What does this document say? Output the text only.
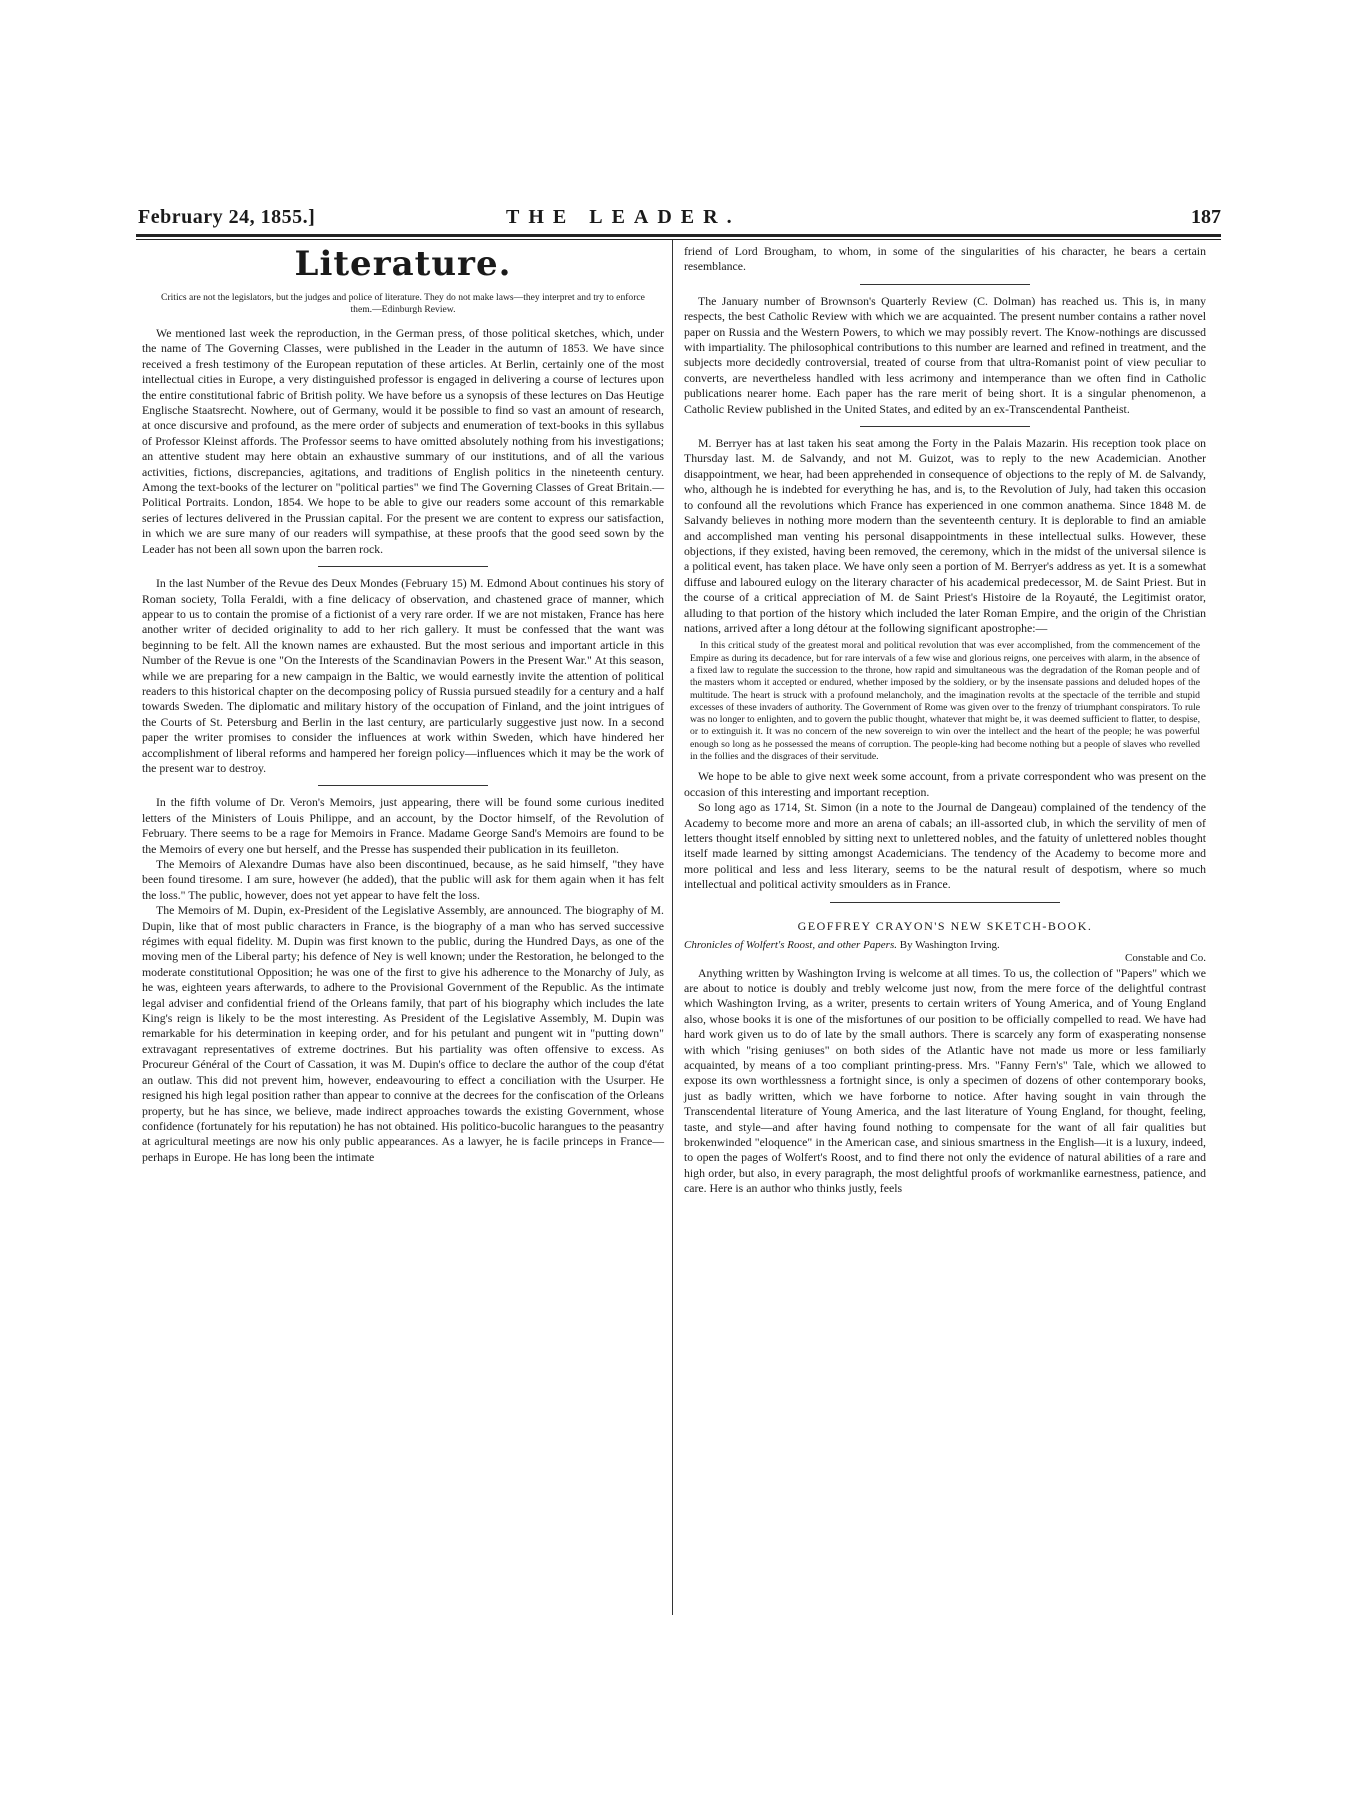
February 24, 1855.]	THE LEADER.	187
Literature.
Critics are not the legislators, but the judges and police of literature. They do not make laws—they interpret and try to enforce them.—Edinburgh Review.

We mentioned last week the reproduction, in the German press, of those political sketches, which, under the name of The Governing Classes, were published in the Leader in the autumn of 1853. We have since received a fresh testimony of the European reputation of these articles. At Berlin, certainly one of the most intellectual cities in Europe, a very distinguished professor is engaged in delivering a course of lectures upon the entire constitutional fabric of British polity. We have before us a synopsis of these lectures on Das Heutige Englische Staatsrecht. Nowhere, out of Germany, would it be possible to find so vast an amount of research, at once discursive and profound, as the mere order of subjects and enumeration of text-books in this syllabus of Professor Kleinst affords. The Professor seems to have omitted absolutely nothing from his investigations; an attentive student may here obtain an exhaustive summary of our institutions, and of all the various activities, fictions, discrepancies, agitations, and traditions of English politics in the nineteenth century. Among the text-books of the lecturer on "political parties" we find The Governing Classes of Great Britain.—Political Portraits. London, 1854. We hope to be able to give our readers some account of this remarkable series of lectures delivered in the Prussian capital. For the present we are content to express our satisfaction, in which we are sure many of our readers will sympathise, at these proofs that the good seed sown by the Leader has not been all sown upon the barren rock.

In the last Number of the Revue des Deux Mondes (February 15) M. Edmond About continues his story of Roman society, Tolla Feraldi, with a fine delicacy of observation, and chastened grace of manner, which appear to us to contain the promise of a fictionist of a very rare order. If we are not mistaken, France has here another writer of decided originality to add to her rich gallery. It must be confessed that the want was beginning to be felt. All the known names are exhausted. But the most serious and important article in this Number of the Revue is one "On the Interests of the Scandinavian Powers in the Present War." At this season, while we are preparing for a new campaign in the Baltic, we would earnestly invite the attention of political readers to this historical chapter on the decomposing policy of Russia pursued steadily for a century and a half towards Sweden. The diplomatic and military history of the occupation of Finland, and the joint intrigues of the Courts of St. Petersburg and Berlin in the last century, are particularly suggestive just now. In a second paper the writer promises to consider the influences at work within Sweden, which have hindered her accomplishment of liberal reforms and hampered her foreign policy—influences which it may be the work of the present war to destroy.

In the fifth volume of Dr. Veron's Memoirs, just appearing, there will be found some curious inedited letters of the Ministers of Louis Philippe, and an account, by the Doctor himself, of the Revolution of February. There seems to be a rage for Memoirs in France. Madame George Sand's Memoirs are found to be the Memoirs of every one but herself, and the Presse has suspended their publication in its feuilleton.

The Memoirs of Alexandre Dumas have also been discontinued, because, as he said himself, "they have been found tiresome. I am sure, however (he added), that the public will ask for them again when it has felt the loss." The public, however, does not yet appear to have felt the loss.

The Memoirs of M. Dupin, ex-President of the Legislative Assembly, are announced. The biography of M. Dupin, like that of most public characters in France, is the biography of a man who has served successive régimes with equal fidelity. M. Dupin was first known to the public, during the Hundred Days, as one of the moving men of the Liberal party; his defence of Ney is well known; under the Restoration, he belonged to the moderate constitutional Opposition; he was one of the first to give his adherence to the Monarchy of July, as he was, eighteen years afterwards, to adhere to the Provisional Government of the Republic. As the intimate legal adviser and confidential friend of the Orleans family, that part of his biography which includes the late King's reign is likely to be the most interesting. As President of the Legislative Assembly, M. Dupin was remarkable for his determination in keeping order, and for his petulant and pungent wit in "putting down" extravagant representatives of extreme doctrines. But his partiality was often offensive to excess. As Procureur Général of the Court of Cassation, it was M. Dupin's office to declare the author of the coup d'état an outlaw. This did not prevent him, however, endeavouring to effect a conciliation with the Usurper. He resigned his high legal position rather than appear to connive at the decrees for the confiscation of the Orleans property, but he has since, we believe, made indirect approaches towards the existing Government, whose confidence (fortunately for his reputation) he has not obtained. His politico-bucolic harangues to the peasantry at agricultural meetings are now his only public appearances. As a lawyer, he is facile princeps in France—perhaps in Europe. He has long been the intimate

friend of Lord Brougham, to whom, in some of the singularities of his character, he bears a certain resemblance.

The January number of Brownson's Quarterly Review (C. Dolman) has reached us. This is, in many respects, the best Catholic Review with which we are acquainted. The present number contains a rather novel paper on Russia and the Western Powers, to which we may possibly revert. The Know-nothings are discussed with impartiality. The philosophical contributions to this number are learned and refined in treatment, and the subjects more decidedly controversial, treated of course from that ultra-Romanist point of view peculiar to converts, are nevertheless handled with less acrimony and intemperance than we often find in Catholic publications nearer home. Each paper has the rare merit of being short. It is a singular phenomenon, a Catholic Review published in the United States, and edited by an ex-Transcendental Pantheist.

M. Berryer has at last taken his seat among the Forty in the Palais Mazarin. His reception took place on Thursday last. M. de Salvandy, and not M. Guizot, was to reply to the new Academician. Another disappointment, we hear, had been apprehended in consequence of objections to the reply of M. de Salvandy, who, although he is indebted for everything he has, and is, to the Revolution of July, had taken this occasion to confound all the revolutions which France has experienced in one common anathema. Since 1848 M. de Salvandy believes in nothing more modern than the seventeenth century. It is deplorable to find an amiable and accomplished man venting his personal disappointments in these intellectual sulks. However, these objections, if they existed, having been removed, the ceremony, which in the midst of the universal silence is a political event, has taken place. We have only seen a portion of M. Berryer's address as yet. It is a somewhat diffuse and laboured eulogy on the literary character of his academical predecessor, M. de Saint Priest. But in the course of a critical appreciation of M. de Saint Priest's Histoire de la Royauté, the Legitimist orator, alluding to that portion of the history which included the later Roman Empire, and the origin of the Christian nations, arrived after a long détour at the following significant apostrophe:—

In this critical study of the greatest moral and political revolution that was ever accomplished, from the commencement of the Empire as during its decadence, but for rare intervals of a few wise and glorious reigns, one perceives with alarm, in the absence of a fixed law to regulate the succession to the throne, how rapid and simultaneous was the degradation of the Roman people and of the masters whom it accepted or endured, whether imposed by the soldiery, or by the insensate passions and deluded hopes of the multitude. The heart is struck with a profound melancholy, and the imagination revolts at the spectacle of the terrible and stupid excesses of these invaders of authority. The Government of Rome was given over to the frenzy of triumphant conspirators. To rule was no longer to enlighten, and to govern the public thought, whatever that might be, it was deemed sufficient to flatter, to despise, or to extinguish it. It was no concern of the new sovereign to win over the intellect and the heart of the people; he was powerful enough so long as he possessed the means of corruption. The people-king had become nothing but a people of slaves who revelled in the follies and the disgraces of their servitude.

We hope to be able to give next week some account, from a private correspondent who was present on the occasion of this interesting and important reception.

So long ago as 1714, St. Simon (in a note to the Journal de Dangeau) complained of the tendency of the Academy to become more and more an arena of cabals; an ill-assorted club, in which the servility of men of letters thought itself ennobled by sitting next to unlettered nobles, and the fatuity of unlettered nobles thought itself made learned by sitting amongst Academicians. The tendency of the Academy to become more and more political and less and less literary, seems to be the natural result of despotism, where so much intellectual and political activity smoulders as in France.

GEOFFREY CRAYON'S NEW SKETCH-BOOK.
Chronicles of Wolfert's Roost, and other Papers. By Washington Irving.
Constable and Co.

Anything written by Washington Irving is welcome at all times. To us, the collection of "Papers" which we are about to notice is doubly and trebly welcome just now, from the mere force of the delightful contrast which Washington Irving, as a writer, presents to certain writers of Young America, and of Young England also, whose books it is one of the misfortunes of our position to be officially compelled to read. We have had hard work given us to do of late by the small authors. There is scarcely any form of exasperating nonsense with which "rising geniuses" on both sides of the Atlantic have not made us more or less familiarly acquainted, by means of a too compliant printing-press. Mrs. "Fanny Fern's" Tale, which we allowed to expose its own worthlessness a fortnight since, is only a specimen of dozens of other contemporary books, just as badly written, which we have forborne to notice. After having sought in vain through the Transcendental literature of Young America, and the last literature of Young England, for thought, feeling, taste, and style—and after having found nothing to compensate for the want of all fair qualities but brokenwinded "eloquence" in the American case, and sinious smartness in the English—it is a luxury, indeed, to open the pages of Wolfert's Roost, and to find there not only the evidence of natural abilities of a rare and high order, but also, in every paragraph, the most delightful proofs of workmanlike earnestness, patience, and care. Here is an author who thinks justly, feels
